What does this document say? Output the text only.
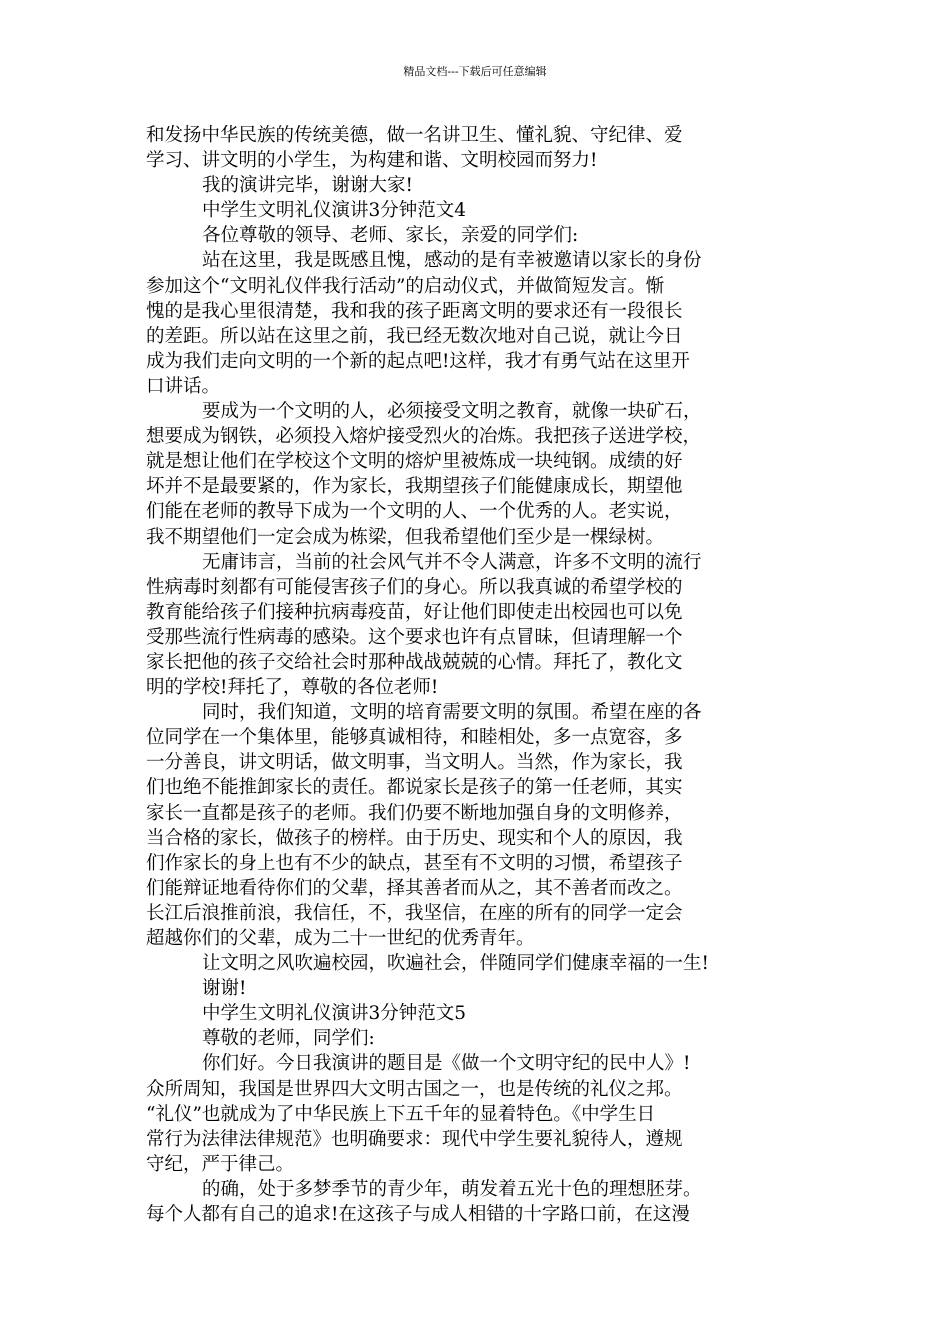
精品文档---下载后可任意编辑
和发扬中华民族的传统美德，做一名讲卫生、懂礼貌、守纪律、爱
学习、讲文明的小学生，为构建和谐、文明校园而努力!
我的演讲完毕，谢谢大家!
中学生文明礼仪演讲3分钟范文4
各位尊敬的领导、老师、家长，亲爱的同学们:
站在这里，我是既感且愧，感动的是有幸被邀请以家长的身份
参加这个“文明礼仪伴我行活动”的启动仪式，并做简短发言。惭
愧的是我心里很清楚，我和我的孩子距离文明的要求还有一段很长
的差距。所以站在这里之前，我已经无数次地对自己说，就让今日
成为我们走向文明的一个新的起点吧!这样，我才有勇气站在这里开
口讲话。
要成为一个文明的人，必须接受文明之教育，就像一块矿石，
想要成为钢铁，必须投入熔炉接受烈火的冶炼。我把孩子送进学校，
就是想让他们在学校这个文明的熔炉里被炼成一块纯钢。成绩的好
坏并不是最要紧的，作为家长，我期望孩子们能健康成长，期望他
们能在老师的教导下成为一个文明的人、一个优秀的人。老实说，
我不期望他们一定会成为栋梁，但我希望他们至少是一棵绿树。
无庸讳言，当前的社会风气并不令人满意，许多不文明的流行
性病毒时刻都有可能侵害孩子们的身心。所以我真诚的希望学校的
教育能给孩子们接种抗病毒疫苗，好让他们即使走出校园也可以免
受那些流行性病毒的感染。这个要求也许有点冒昧，但请理解一个
家长把他的孩子交给社会时那种战战兢兢的心情。拜托了，教化文
明的学校!拜托了，尊敬的各位老师!
同时，我们知道，文明的培育需要文明的氛围。希望在座的各
位同学在一个集体里，能够真诚相待，和睦相处，多一点宽容，多
一分善良，讲文明话，做文明事，当文明人。当然，作为家长，我
们也绝不能推卸家长的责任。都说家长是孩子的第一任老师，其实
家长一直都是孩子的老师。我们仍要不断地加强自身的文明修养，
当合格的家长，做孩子的榜样。由于历史、现实和个人的原因，我
们作家长的身上也有不少的缺点，甚至有不文明的习惯，希望孩子
们能辩证地看待你们的父辈，择其善者而从之，其不善者而改之。
长江后浪推前浪，我信任，不，我坚信，在座的所有的同学一定会
超越你们的父辈，成为二十一世纪的优秀青年。
让文明之风吹遍校园，吹遍社会，伴随同学们健康幸福的一生!
谢谢!
中学生文明礼仪演讲3分钟范文5
尊敬的老师，同学们:
你们好。今日我演讲的题目是《做一个文明守纪的民中人》!
众所周知，我国是世界四大文明古国之一，也是传统的礼仪之邦。
“礼仪”也就成为了中华民族上下五千年的显着特色。《中学生日
常行为法律法律规范》也明确要求：现代中学生要礼貌待人，遵规
守纪，严于律己。
的确，处于多梦季节的青少年，萌发着五光十色的理想胚芽。
每个人都有自己的追求!在这孩子与成人相错的十字路口前，在这漫
